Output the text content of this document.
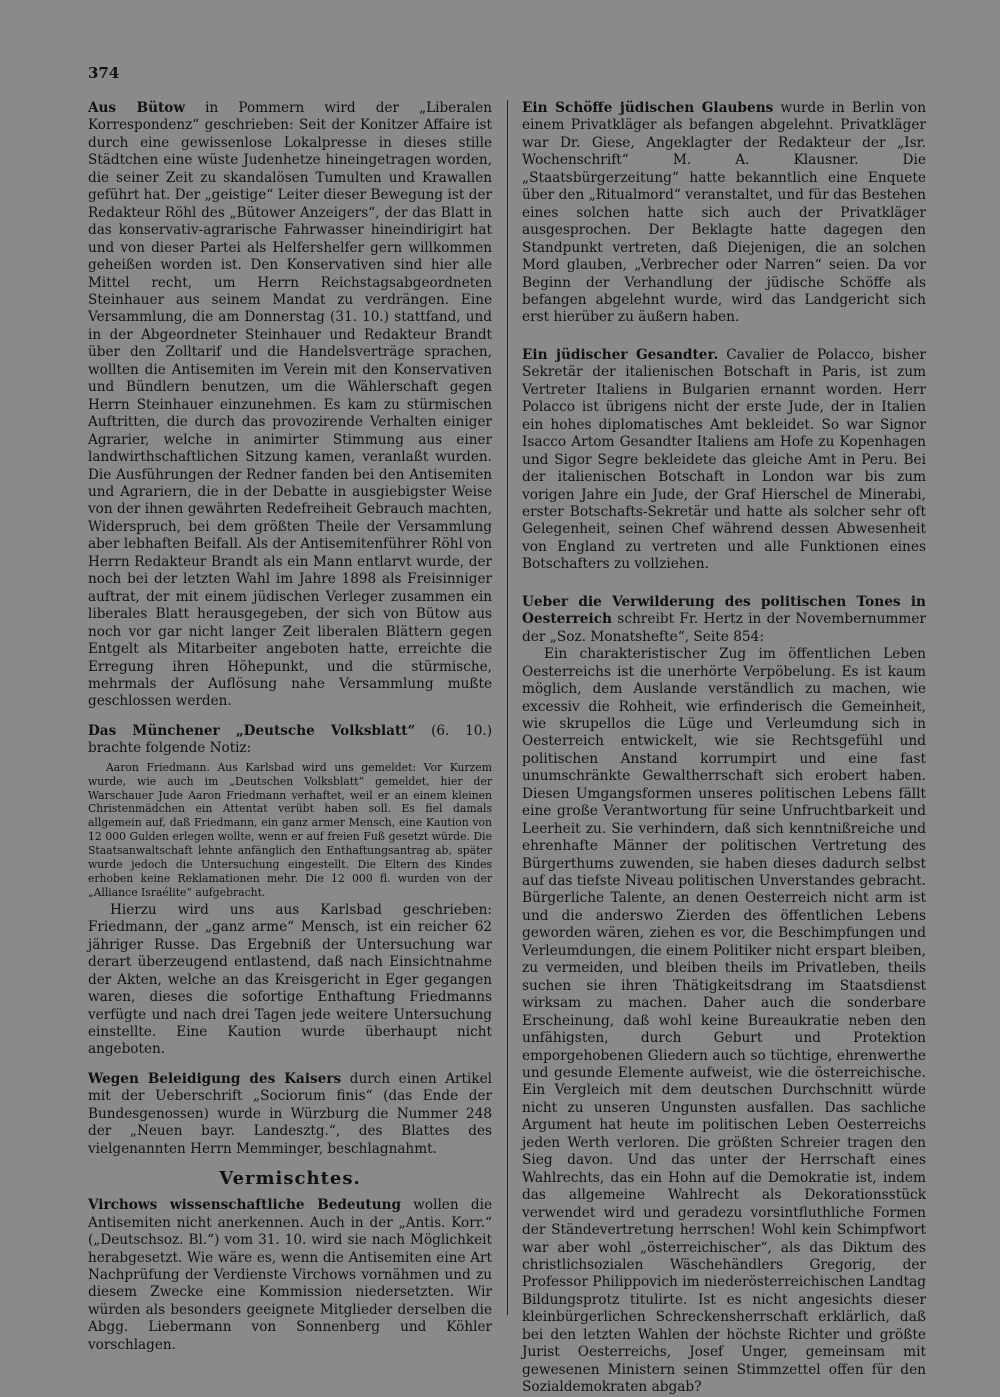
374

Aus Bütow in Pommern wird der „Liberalen Korrespondenz“ geschrieben: Seit der Konitzer Affaire ist durch eine gewissenlose Lokalpresse in dieses stille Städtchen eine wüste Judenhetze hineingetragen worden, die seiner Zeit zu skandalösen Tumulten und Krawallen geführt hat. Der „geistige“ Leiter dieser Bewegung ist der Redakteur Röhl des „Bütower Anzeigers“, der das Blatt in das konservativ-agrarische Fahrwasser hineindirigirt hat und von dieser Partei als Helfershelfer gern willkommen geheißen worden ist. Den Konservativen sind hier alle Mittel recht, um Herrn Reichstagsabgeordneten Steinhauer aus seinem Mandat zu verdrängen. Eine Versammlung, die am Donnerstag (31. 10.) stattfand, und in der Abgeordneter Steinhauer und Redakteur Brandt über den Zolltarif und die Handelsverträge sprachen, wollten die Antisemiten im Verein mit den Konservativen und Bündlern benutzen, um die Wählerschaft gegen Herrn Steinhauer einzunehmen. Es kam zu stürmischen Auftritten, die durch das provozirende Verhalten einiger Agrarier, welche in animirter Stimmung aus einer landwirthschaftlichen Sitzung kamen, veranlaßt wurden. Die Ausführungen der Redner fanden bei den Antisemiten und Agrariern, die in der Debatte in ausgiebigster Weise von der ihnen gewährten Redefreiheit Gebrauch machten, Widerspruch, bei dem größten Theile der Versammlung aber lebhaften Beifall. Als der Antisemitenführer Röhl von Herrn Redakteur Brandt als ein Mann entlarvt wurde, der noch bei der letzten Wahl im Jahre 1898 als Freisinniger auftrat, der mit einem jüdischen Verleger zusammen ein liberales Blatt herausgegeben, der sich von Bütow aus noch vor gar nicht langer Zeit liberalen Blättern gegen Entgelt als Mitarbeiter angeboten hatte, erreichte die Erregung ihren Höhepunkt, und die stürmische, mehrmals der Auflösung nahe Versammlung mußte geschlossen werden.

Das Münchener „Deutsche Volksblatt“ (6. 10.) brachte folgende Notiz:

Aaron Friedmann. Aus Karlsbad wird uns gemeldet: Vor Kurzem wurde, wie auch im „Deutschen Volksblatt“ gemeldet, hier der Warschauer Jude Aaron Friedmann verhaftet, weil er an einem kleinen Christenmädchen ein Attentat verübt haben soll. Es fiel damals allgemein auf, daß Friedmann, ein ganz armer Mensch, eine Kaution von 12 000 Gulden erlegen wollte, wenn er auf freien Fuß gesetzt würde. Die Staatsanwaltschaft lehnte anfänglich den Enthaftungsantrag ab, später wurde jedoch die Untersuchung eingestellt. Die Eltern des Kindes erhoben keine Reklamationen mehr. Die 12 000 fl. wurden von der „Alliance Israélite“ aufgebracht.

Hierzu wird uns aus Karlsbad geschrieben: Friedmann, der „ganz arme“ Mensch, ist ein reicher 62 jähriger Russe. Das Ergebniß der Untersuchung war derart überzeugend entlastend, daß nach Einsichtnahme der Akten, welche an das Kreisgericht in Eger gegangen waren, dieses die sofortige Enthaftung Friedmanns verfügte und nach drei Tagen jede weitere Untersuchung einstellte. Eine Kaution wurde überhaupt nicht angeboten.

Wegen Beleidigung des Kaisers durch einen Artikel mit der Ueberschrift „Sociorum finis“ (das Ende der Bundesgenossen) wurde in Würzburg die Nummer 248 der „Neuen bayr. Landesztg.“, des Blattes des vielgenannten Herrn Memminger, beschlagnahmt.

Vermischtes.

Virchows wissenschaftliche Bedeutung wollen die Antisemiten nicht anerkennen. Auch in der „Antis. Korr.“ („Deutschsoz. Bl.“) vom 31. 10. wird sie nach Möglichkeit herabgesetzt. Wie wäre es, wenn die Antisemiten eine Art Nachprüfung der Verdienste Virchows vornähmen und zu diesem Zwecke eine Kommission niedersetzten. Wir würden als besonders geeignete Mitglieder derselben die Abgg. Liebermann von Sonnenberg und Köhler vorschlagen.

Ein Schöffe jüdischen Glaubens wurde in Berlin von einem Privatkläger als befangen abgelehnt. Privatkläger war Dr. Giese, Angeklagter der Redakteur der „Isr. Wochenschrift“ M. A. Klausner. Die „Staatsbürgerzeitung“ hatte bekanntlich eine Enquete über den „Ritualmord“ veranstaltet, und für das Bestehen eines solchen hatte sich auch der Privatkläger ausgesprochen. Der Beklagte hatte dagegen den Standpunkt vertreten, daß Diejenigen, die an solchen Mord glauben, „Verbrecher oder Narren“ seien. Da vor Beginn der Verhandlung der jüdische Schöffe als befangen abgelehnt wurde, wird das Landgericht sich erst hierüber zu äußern haben.

Ein jüdischer Gesandter. Cavalier de Polacco, bisher Sekretär der italienischen Botschaft in Paris, ist zum Vertreter Italiens in Bulgarien ernannt worden. Herr Polacco ist übrigens nicht der erste Jude, der in Italien ein hohes diplomatisches Amt bekleidet. So war Signor Isacco Artom Gesandter Italiens am Hofe zu Kopenhagen und Sigor Segre bekleidete das gleiche Amt in Peru. Bei der italienischen Botschaft in London war bis zum vorigen Jahre ein Jude, der Graf Hierschel de Minerabi, erster Botschafts-Sekretär und hatte als solcher sehr oft Gelegenheit, seinen Chef während dessen Abwesenheit von England zu vertreten und alle Funktionen eines Botschafters zu vollziehen.

Ueber die Verwilderung des politischen Tones in Oesterreich schreibt Fr. Hertz in der Novembernummer der „Soz. Monatshefte“, Seite 854:

Ein charakteristischer Zug im öffentlichen Leben Oesterreichs ist die unerhörte Verpöbelung. Es ist kaum möglich, dem Auslande verständlich zu machen, wie excessiv die Rohheit, wie erfinderisch die Gemeinheit, wie skrupellos die Lüge und Verleumdung sich in Oesterreich entwickelt, wie sie Rechtsgefühl und politischen Anstand korrumpirt und eine fast unumschränkte Gewaltherrschaft sich erobert haben. Diesen Umgangsformen unseres politischen Lebens fällt eine große Verantwortung für seine Unfruchtbarkeit und Leerheit zu. Sie verhindern, daß sich kenntnißreiche und ehrenhafte Männer der politischen Vertretung des Bürgerthums zuwenden, sie haben dieses dadurch selbst auf das tiefste Niveau politischen Unverstandes gebracht. Bürgerliche Talente, an denen Oesterreich nicht arm ist und die anderswo Zierden des öffentlichen Lebens geworden wären, ziehen es vor, die Beschimpfungen und Verleumdungen, die einem Politiker nicht erspart bleiben, zu vermeiden, und bleiben theils im Privatleben, theils suchen sie ihren Thätigkeitsdrang im Staatsdienst wirksam zu machen. Daher auch die sonderbare Erscheinung, daß wohl keine Bureaukratie neben den unfähigsten, durch Geburt und Protektion emporgehobenen Gliedern auch so tüchtige, ehrenwerthe und gesunde Elemente aufweist, wie die österreichische. Ein Vergleich mit dem deutschen Durchschnitt würde nicht zu unseren Ungunsten ausfallen. Das sachliche Argument hat heute im politischen Leben Oesterreichs jeden Werth verloren. Die größten Schreier tragen den Sieg davon. Und das unter der Herrschaft eines Wahlrechts, das ein Hohn auf die Demokratie ist, indem das allgemeine Wahlrecht als Dekorationsstück verwendet wird und geradezu vorsintfluthliche Formen der Ständevertretung herrschen! Wohl kein Schimpfwort war aber wohl „österreichischer“, als das Diktum des christlichsozialen Wäschehändlers Gregorig, der Professor Philippovich im niederösterreichischen Landtag Bildungsprotz titulirte. Ist es nicht angesichts dieser kleinbürgerlichen Schreckensherrschaft erklärlich, daß bei den letzten Wahlen der höchste Richter und größte Jurist Oesterreichs, Josef Unger, gemeinsam mit gewesenen Ministern seinen Stimmzettel offen für den Sozialdemokraten abgab?
